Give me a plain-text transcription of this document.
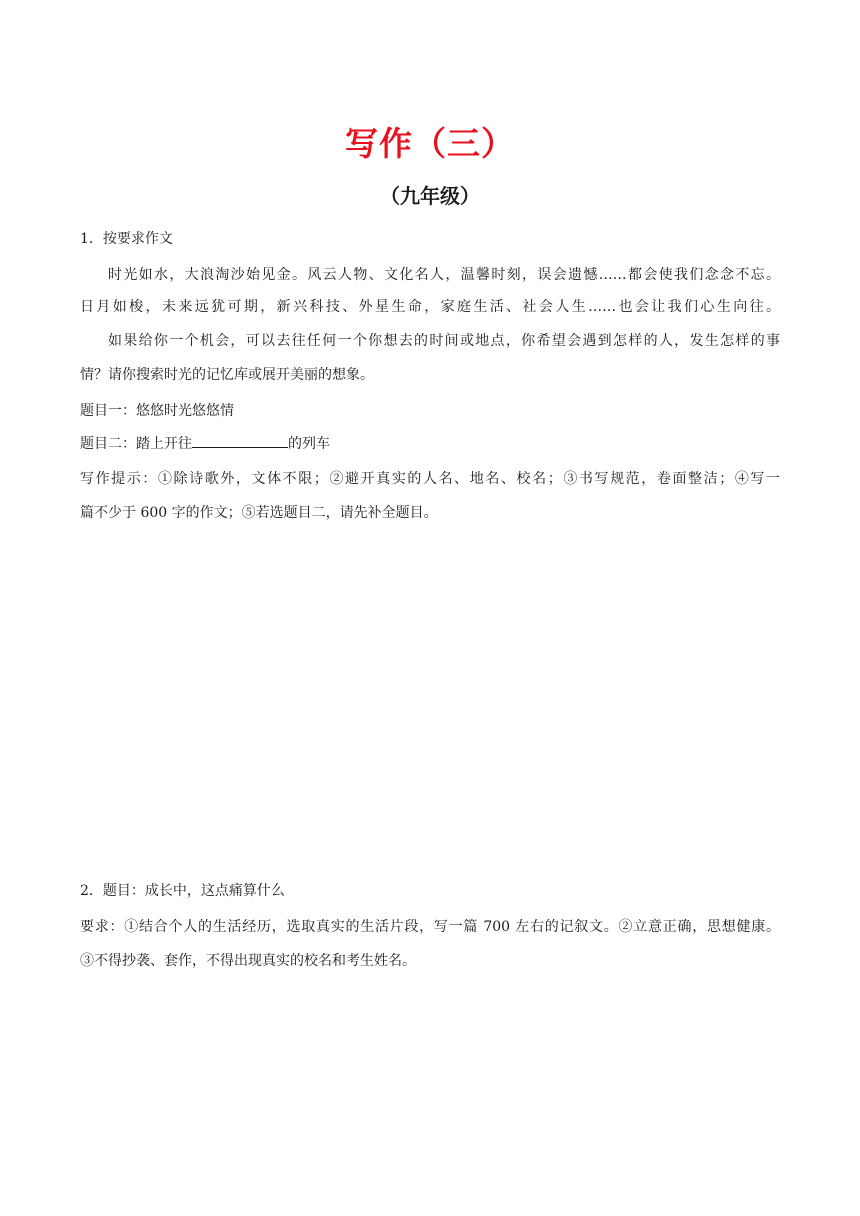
写作（三）
（九年级）
1．按要求作文
时光如水，大浪淘沙始见金。风云人物、文化名人，温馨时刻，误会遗憾……都会使我们念念不忘。
日月如梭，未来远犹可期，新兴科技、外星生命，家庭生活、社会人生……也会让我们心生向往。
如果给你一个机会，可以去往任何一个你想去的时间或地点，你希望会遇到怎样的人，发生怎样的事
情？请你搜索时光的记忆库或展开美丽的想象。
题目一：悠悠时光悠悠情
题目二：踏上开往	的列车
写作提示：①除诗歌外，文体不限；②避开真实的人名、地名、校名；③书写规范，卷面整洁；④写一
篇不少于 600 字的作文；⑤若选题目二，请先补全题目。
2．题目：成长中，这点痛算什么
要求：①结合个人的生活经历，选取真实的生活片段，写一篇 700 左右的记叙文。②立意正确，思想健康。
③不得抄袭、套作，不得出现真实的校名和考生姓名。
